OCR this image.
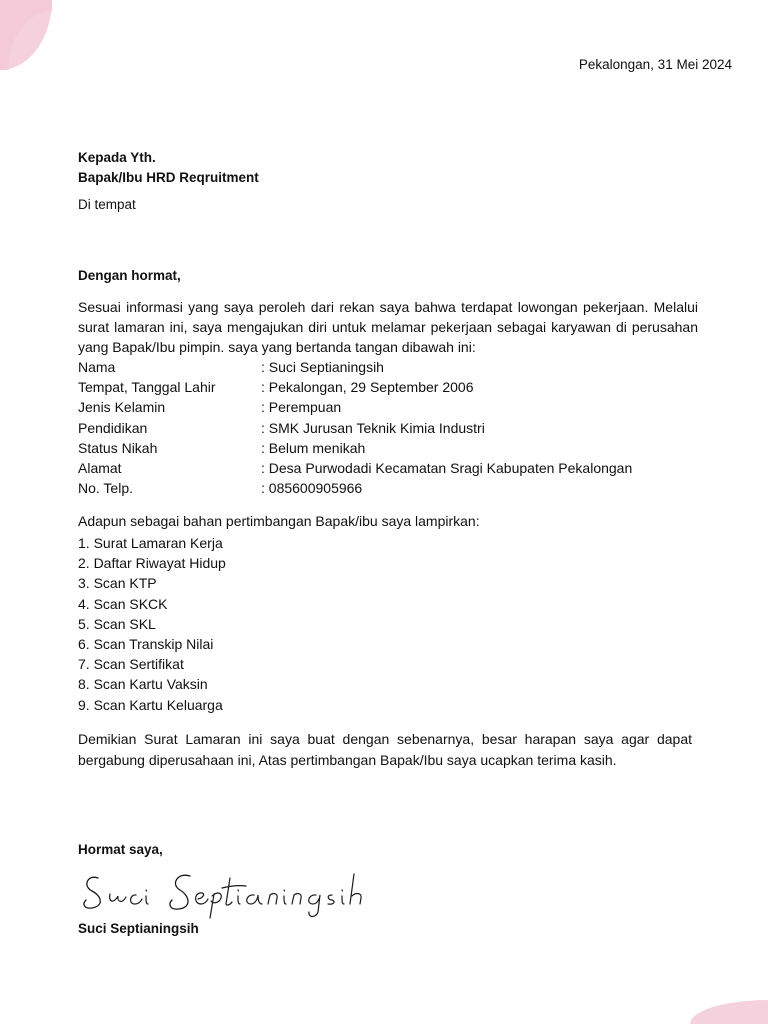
Pekalongan, 31 Mei 2024
Kepada Yth.
Bapak/Ibu HRD Reqruitment
Di tempat
Dengan hormat,
Sesuai informasi yang saya peroleh dari rekan saya bahwa terdapat lowongan pekerjaan. Melalui surat lamaran ini, saya mengajukan diri untuk melamar pekerjaan sebagai karyawan di perusahan yang Bapak/Ibu pimpin. saya yang bertanda tangan dibawah ini:
Nama	: Suci Septianingsih
Tempat, Tanggal Lahir	: Pekalongan, 29 September 2006
Jenis Kelamin	: Perempuan
Pendidikan	: SMK Jurusan Teknik Kimia Industri
Status Nikah	: Belum menikah
Alamat	: Desa Purwodadi Kecamatan Sragi Kabupaten Pekalongan
No. Telp.	: 085600905966
Adapun sebagai bahan pertimbangan Bapak/ibu saya lampirkan:
1. Surat Lamaran Kerja
2. Daftar Riwayat Hidup
3. Scan KTP
4. Scan SKCK
5. Scan SKL
6. Scan Transkip Nilai
7. Scan Sertifikat
8. Scan Kartu Vaksin
9. Scan Kartu Keluarga
Demikian Surat Lamaran ini saya buat dengan sebenarnya, besar harapan saya agar dapat bergabung diperusahaan ini, Atas pertimbangan Bapak/Ibu saya ucapkan terima kasih.
Hormat saya,
Suci Septianingsih
